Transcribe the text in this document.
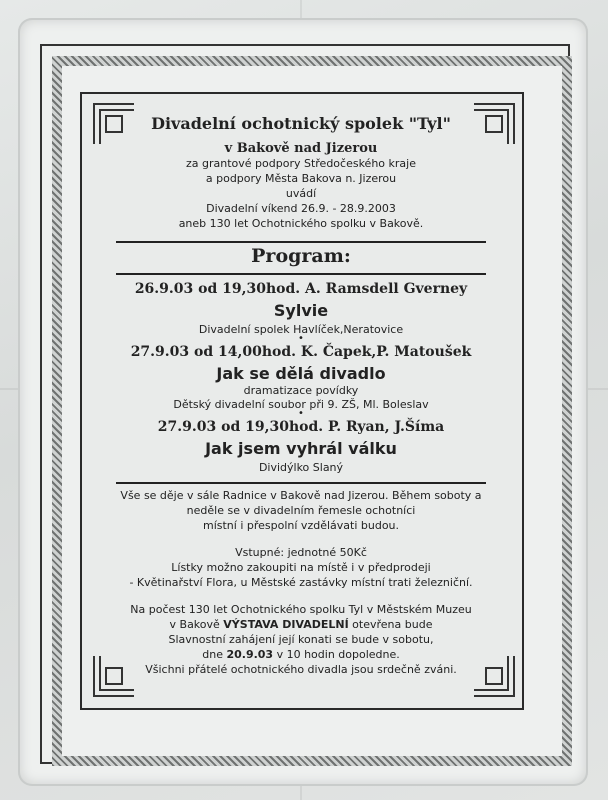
Divadelní ochotnický spolek "Tyl"
v Bakově nad Jizerou
za grantové podpory Středočeského kraje
a podpory Města Bakova n. Jizerou
uvádí
Divadelní víkend 26.9. - 28.9.2003
aneb 130 let Ochotnického spolku v Bakově.
Program:
26.9.03 od 19,30hod. A. Ramsdell Gverney
Sylvie
Divadelní spolek Havlíček,Neratovice
•
27.9.03 od 14,00hod. K. Čapek,P. Matoušek
Jak se dělá divadlo
dramatizace povídky
Dětský divadelní soubor při 9. ZŠ, Ml. Boleslav
•
27.9.03 od 19,30hod. P. Ryan, J.Šíma
Jak jsem vyhrál válku
Dividýlko Slaný
Vše se děje v sále Radnice v Bakově nad Jizerou. Během soboty a
neděle se v divadelním řemesle ochotníci
místní i přespolní vzdělávati budou.
Vstupné: jednotné 50Kč
Lístky možno zakoupiti na místě i v předprodeji
- Květinařství Flora, u Městské zastávky místní trati železniční.
Na počest 130 let Ochotnického spolku Tyl v Městském Muzeu
v Bakově VÝSTAVA DIVADELNÍ otevřena bude
Slavnostní zahájení její konati se bude v sobotu,
dne 20.9.03 v 10 hodin dopoledne.
Všichni přátelé ochotnického divadla jsou srdečně zváni.
